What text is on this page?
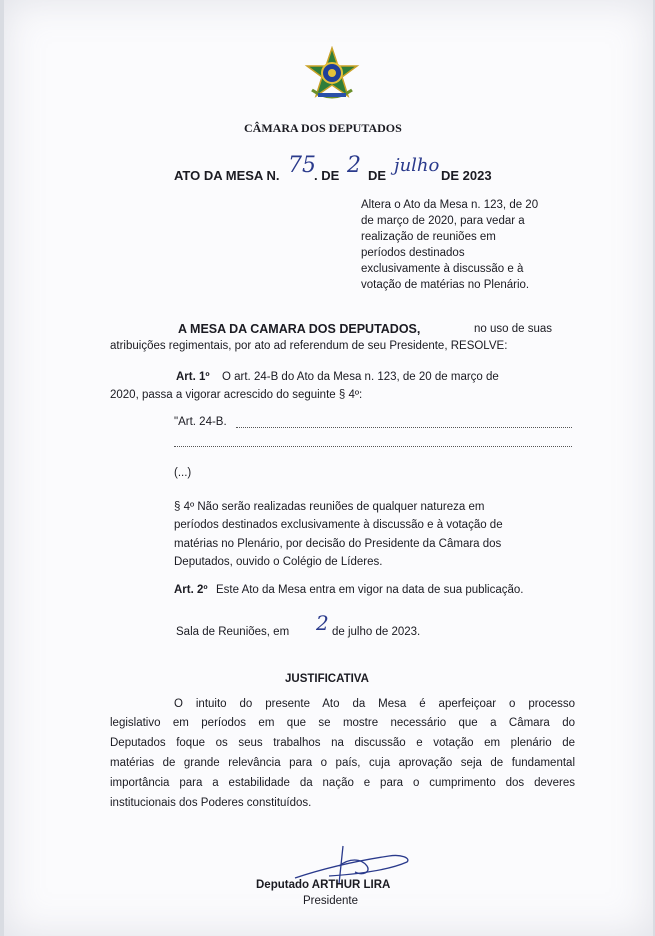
CÂMARA DOS DEPUTADOS
ATO DA MESA N. 75
. DE 2 DE julho DE 2023
Altera o Ato da Mesa n. 123, de 20
de março de 2020, para vedar a
realização de reuniões em
períodos destinados
exclusivamente à discussão e à
votação de matérias no Plenário.
A MESA DA CAMARA DOS DEPUTADOS,	no uso de suas
atribuições regimentais, por ato ad referendum de seu Presidente, RESOLVE:
Art. 1º O art. 24-B do Ato da Mesa n. 123, de 20 de março de
2020, passa a vigorar acrescido do seguinte § 4º:
"Art. 24-B.
(...)
§ 4º Não serão realizadas reuniões de qualquer natureza em
períodos destinados exclusivamente à discussão e à votação de
matérias no Plenário, por decisão do Presidente da Câmara dos
Deputados, ouvido o Colégio de Líderes.
Art. 2º Este Ato da Mesa entra em vigor na data de sua publicação.
Sala de Reuniões, em 2 de julho de 2023.
JUSTIFICATIVA
O intuito do presente Ato da Mesa é aperfeiçoar o processo
legislativo em períodos em que se mostre necessário que a Câmara do
Deputados foque os seus trabalhos na discussão e votação em plenário de
matérias de grande relevância para o país, cuja aprovação seja de fundamental
importância para a estabilidade da nação e para o cumprimento dos deveres
institucionais dos Poderes constituídos.
Deputado ARTHUR LIRA
Presidente
